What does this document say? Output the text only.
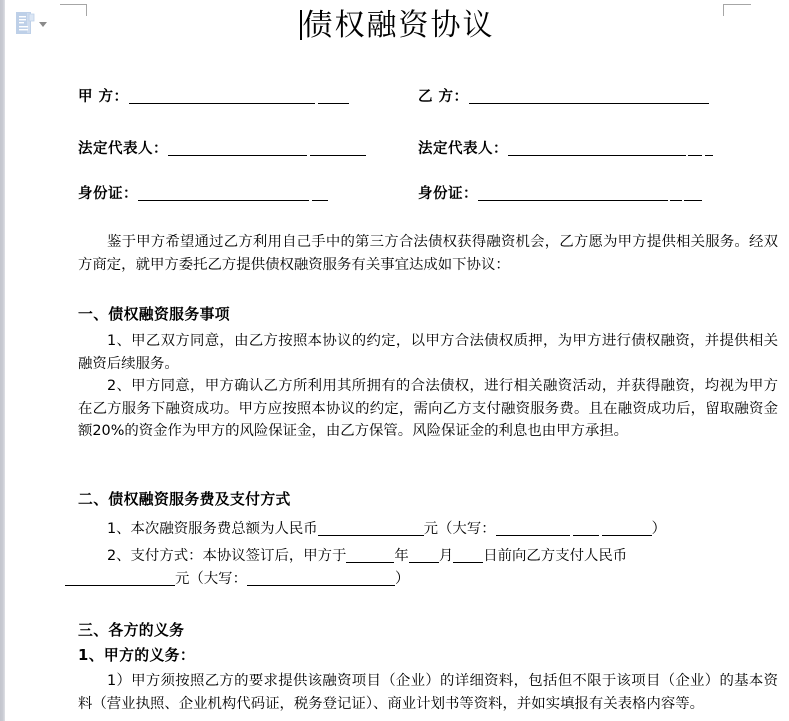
债权融资协议
甲 方：	乙 方：
法定代表人：	法定代表人：
身份证：	身份证：
鉴于甲方希望通过乙方利用自己手中的第三方合法债权获得融资机会，乙方愿为甲方提供相关服务。经双方商定，就甲方委托乙方提供债权融资服务有关事宜达成如下协议：
一、债权融资服务事项
1、甲乙双方同意，由乙方按照本协议的约定，以甲方合法债权质押，为甲方进行债权融资，并提供相关融资后续服务。
2、甲方同意，甲方确认乙方所利用其所拥有的合法债权，进行相关融资活动，并获得融资，均视为甲方在乙方服务下融资成功。甲方应按照本协议的约定，需向乙方支付融资服务费。且在融资成功后，留取融资金额20%的资金作为甲方的风险保证金，由乙方保管。风险保证金的利息也由甲方承担。
二、债权融资服务费及支付方式
1、本次融资服务费总额为人民币	元（大写：	）
2、支付方式：本协议签订后，甲方于	年 月 日前向乙方支付人民币
元（大写：	）
三、各方的义务
1、甲方的义务：
1）甲方须按照乙方的要求提供该融资项目（企业）的详细资料，包括但不限于该项目（企业）的基本资料（营业执照、企业机构代码证，税务登记证）、商业计划书等资料，并如实填报有关表格内容等。
